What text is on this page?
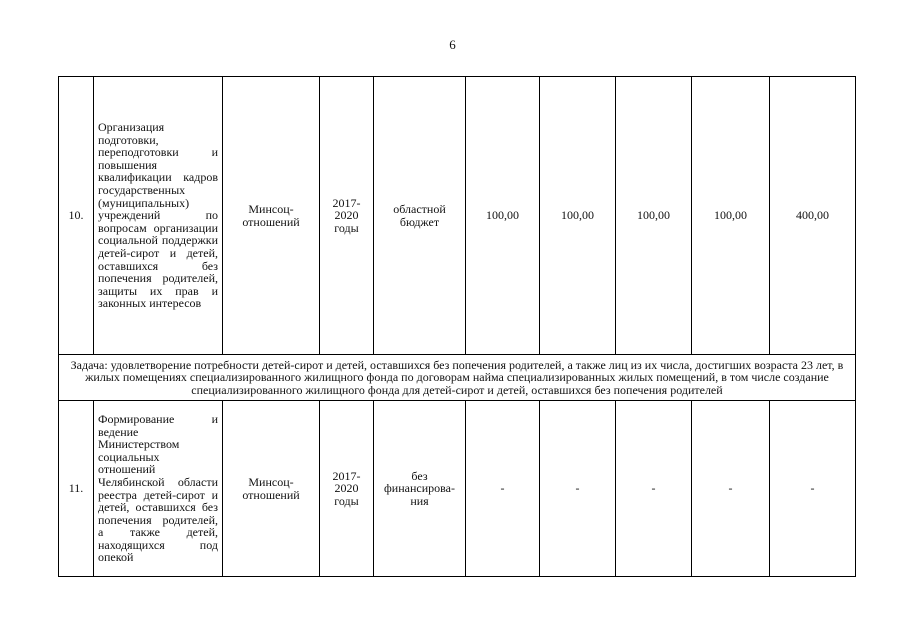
6
10.	Организация подготовки, переподготовки и повышения квалификации кадров государственных (муниципальных) учреждений по вопросам организации социальной поддержки детей-сирот и детей, оставшихся без попечения родителей, защиты их прав и законных интересов	Минсоц-отношений	2017-2020 годы	областной бюджет	100,00	100,00	100,00	100,00	400,00
Задача: удовлетворение потребности детей-сирот и детей, оставшихся без попечения родителей, а также лиц из их числа, достигших возраста 23 лет, в жилых помещениях специализированного жилищного фонда по договорам найма специализированных жилых помещений, в том числе создание специализированного жилищного фонда для детей-сирот и детей, оставшихся без попечения родителей									
11.	Формирование и ведение Министерством социальных отношений Челябинской области реестра детей-сирот и детей, оставшихся без попечения родителей, а также детей, находящихся под опекой	Минсоц-отношений	2017-2020 годы	без финансирова-ния	-	-	-	-	-
